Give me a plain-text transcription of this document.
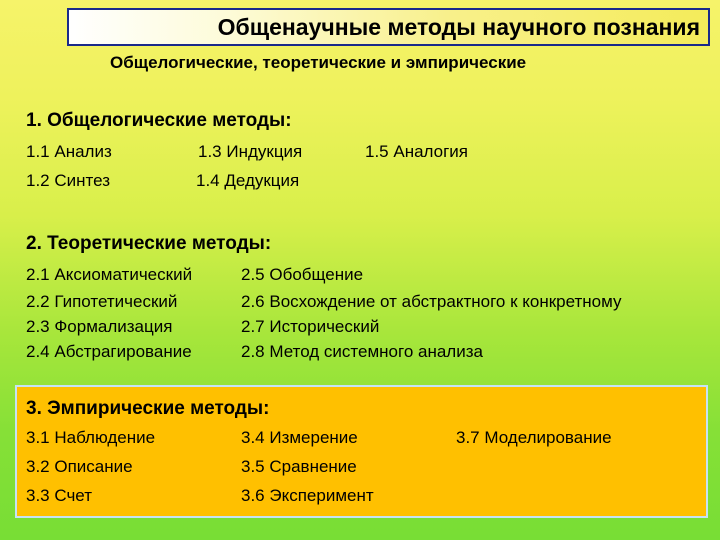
Общенаучные методы научного познания
Общелогические, теоретические и эмпирические
1. Общелогические методы:
1.1 Анализ
1.2 Синтез
1.3 Индукция
1.4 Дедукция
1.5 Аналогия
2. Теоретические методы:
2.1 Аксиоматический
2.2 Гипотетический
2.3 Формализация
2.4 Абстрагирование
2.5 Обобщение
2.6 Восхождение от абстрактного к конкретному
2.7 Исторический
2.8 Метод системного анализа
3. Эмпирические методы:
3.1 Наблюдение
3.2 Описание
3.3 Счет
3.4 Измерение
3.5 Сравнение
3.6 Эксперимент
3.7 Моделирование
